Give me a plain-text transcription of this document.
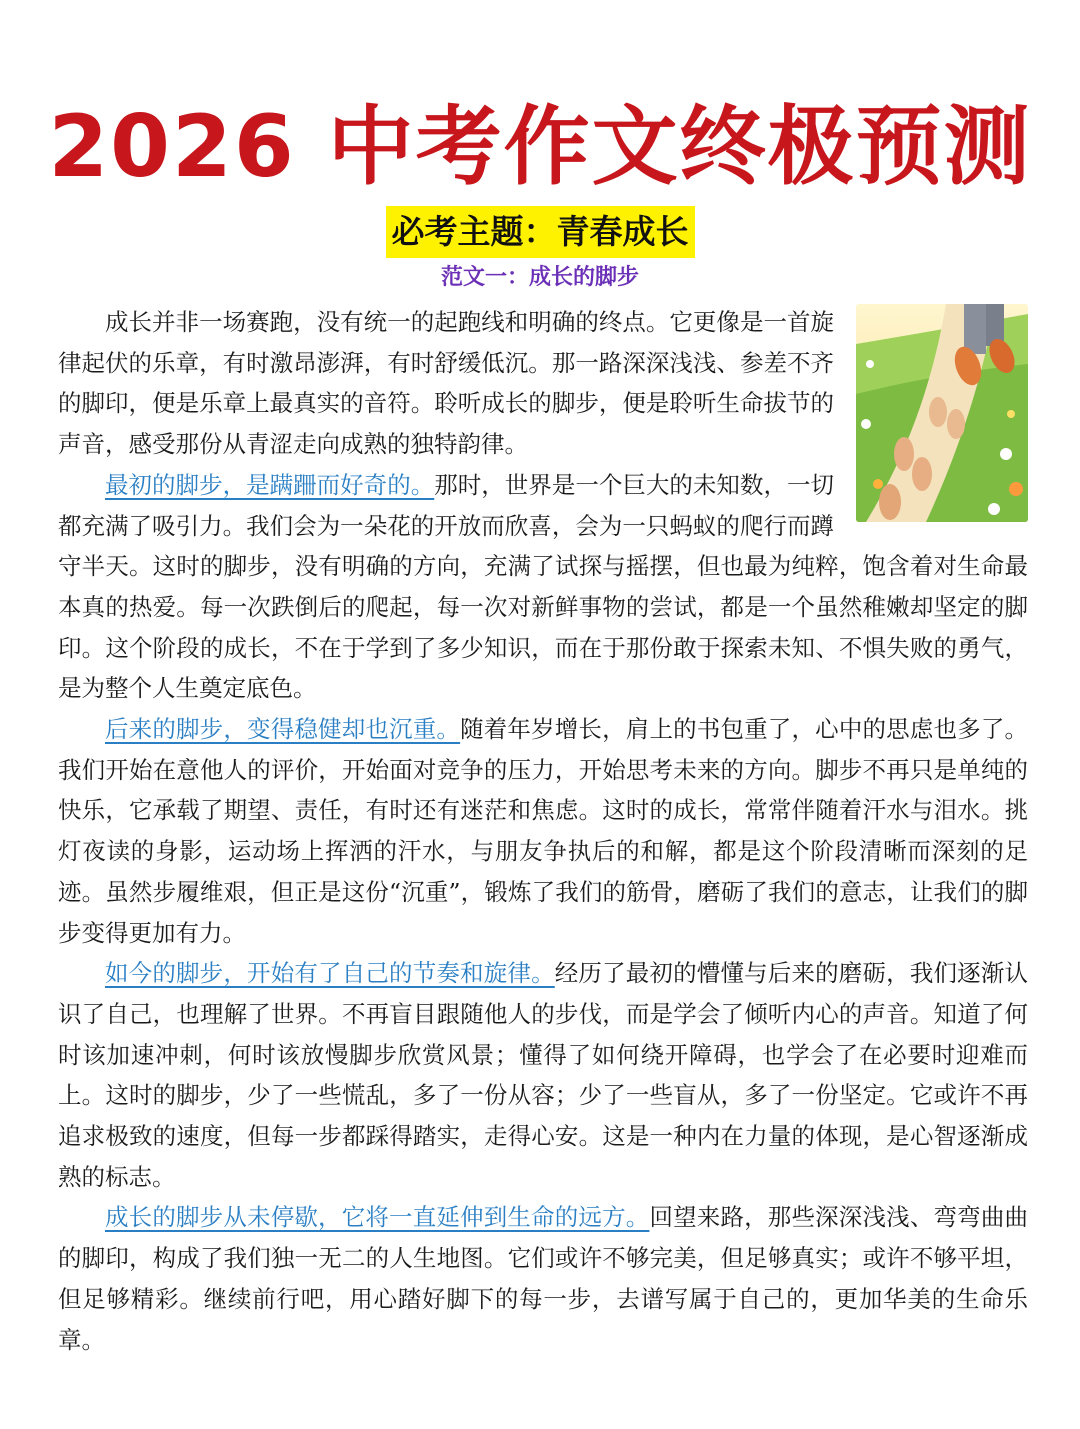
2026 中考作文终极预测
必考主题：青春成长
范文一：成长的脚步

成长并非一场赛跑，没有统一的起跑线和明确的终点。它更像是一首旋律起伏的乐章，有时激昂澎湃，有时舒缓低沉。那一路深深浅浅、参差不齐的脚印，便是乐章上最真实的音符。聆听成长的脚步，便是聆听生命拔节的声音，感受那份从青涩走向成熟的独特韵律。

最初的脚步，是蹒跚而好奇的。那时，世界是一个巨大的未知数，一切都充满了吸引力。我们会为一朵花的开放而欣喜，会为一只蚂蚁的爬行而蹲守半天。这时的脚步，没有明确的方向，充满了试探与摇摆，但也最为纯粹，饱含着对生命最本真的热爱。每一次跌倒后的爬起，每一次对新鲜事物的尝试，都是一个虽然稚嫩却坚定的脚印。这个阶段的成长，不在于学到了多少知识，而在于那份敢于探索未知、不惧失败的勇气，是为整个人生奠定底色。

后来的脚步，变得稳健却也沉重。随着年岁增长，肩上的书包重了，心中的思虑也多了。我们开始在意他人的评价，开始面对竞争的压力，开始思考未来的方向。脚步不再只是单纯的快乐，它承载了期望、责任，有时还有迷茫和焦虑。这时的成长，常常伴随着汗水与泪水。挑灯夜读的身影，运动场上挥洒的汗水，与朋友争执后的和解，都是这个阶段清晰而深刻的足迹。虽然步履维艰，但正是这份“沉重”，锻炼了我们的筋骨，磨砺了我们的意志，让我们的脚步变得更加有力。

如今的脚步，开始有了自己的节奏和旋律。经历了最初的懵懂与后来的磨砺，我们逐渐认识了自己，也理解了世界。不再盲目跟随他人的步伐，而是学会了倾听内心的声音。知道了何时该加速冲刺，何时该放慢脚步欣赏风景；懂得了如何绕开障碍，也学会了在必要时迎难而上。这时的脚步，少了一些慌乱，多了一份从容；少了一些盲从，多了一份坚定。它或许不再追求极致的速度，但每一步都踩得踏实，走得心安。这是一种内在力量的体现，是心智逐渐成熟的标志。

成长的脚步从未停歇，它将一直延伸到生命的远方。回望来路，那些深深浅浅、弯弯曲曲的脚印，构成了我们独一无二的人生地图。它们或许不够完美，但足够真实；或许不够平坦，但足够精彩。继续前行吧，用心踏好脚下的每一步，去谱写属于自己的，更加华美的生命乐章。
